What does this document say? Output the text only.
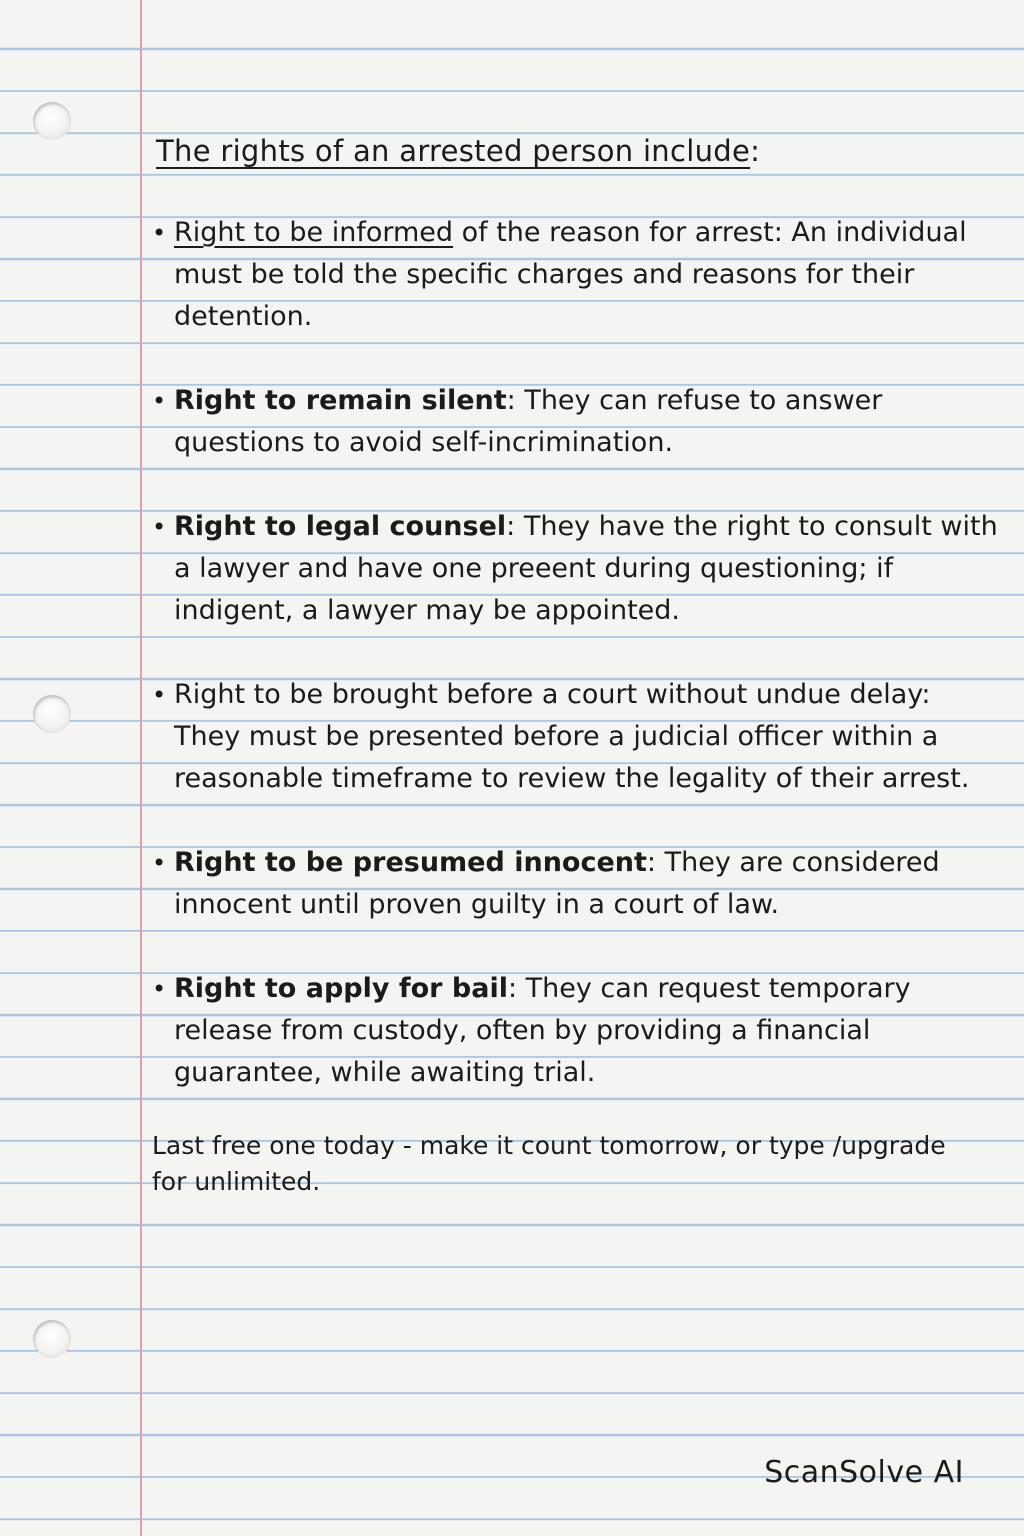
The rights of an arrested person include:
• Right to be informed of the reason for arrest: An individual must be told the specific charges and reasons for their detention.
• Right to remain silent: They can refuse to answer questions to avoid self-incrimination.
• Right to legal counsel: They have the right to consult with a lawyer and have one preeent during questioning; if indigent, a lawyer may be appointed.
• Right to be brought before a court without undue delay: They must be presented before a judicial officer within a reasonable timeframe to review the legality of their arrest.
• Right to be presumed innocent: They are considered innocent until proven guilty in a court of law.
• Right to apply for bail: They can request temporary release from custody, often by providing a financial guarantee, while awaiting trial.
Last free one today - make it count tomorrow, or type /upgrade for unlimited.
ScanSolve AI
